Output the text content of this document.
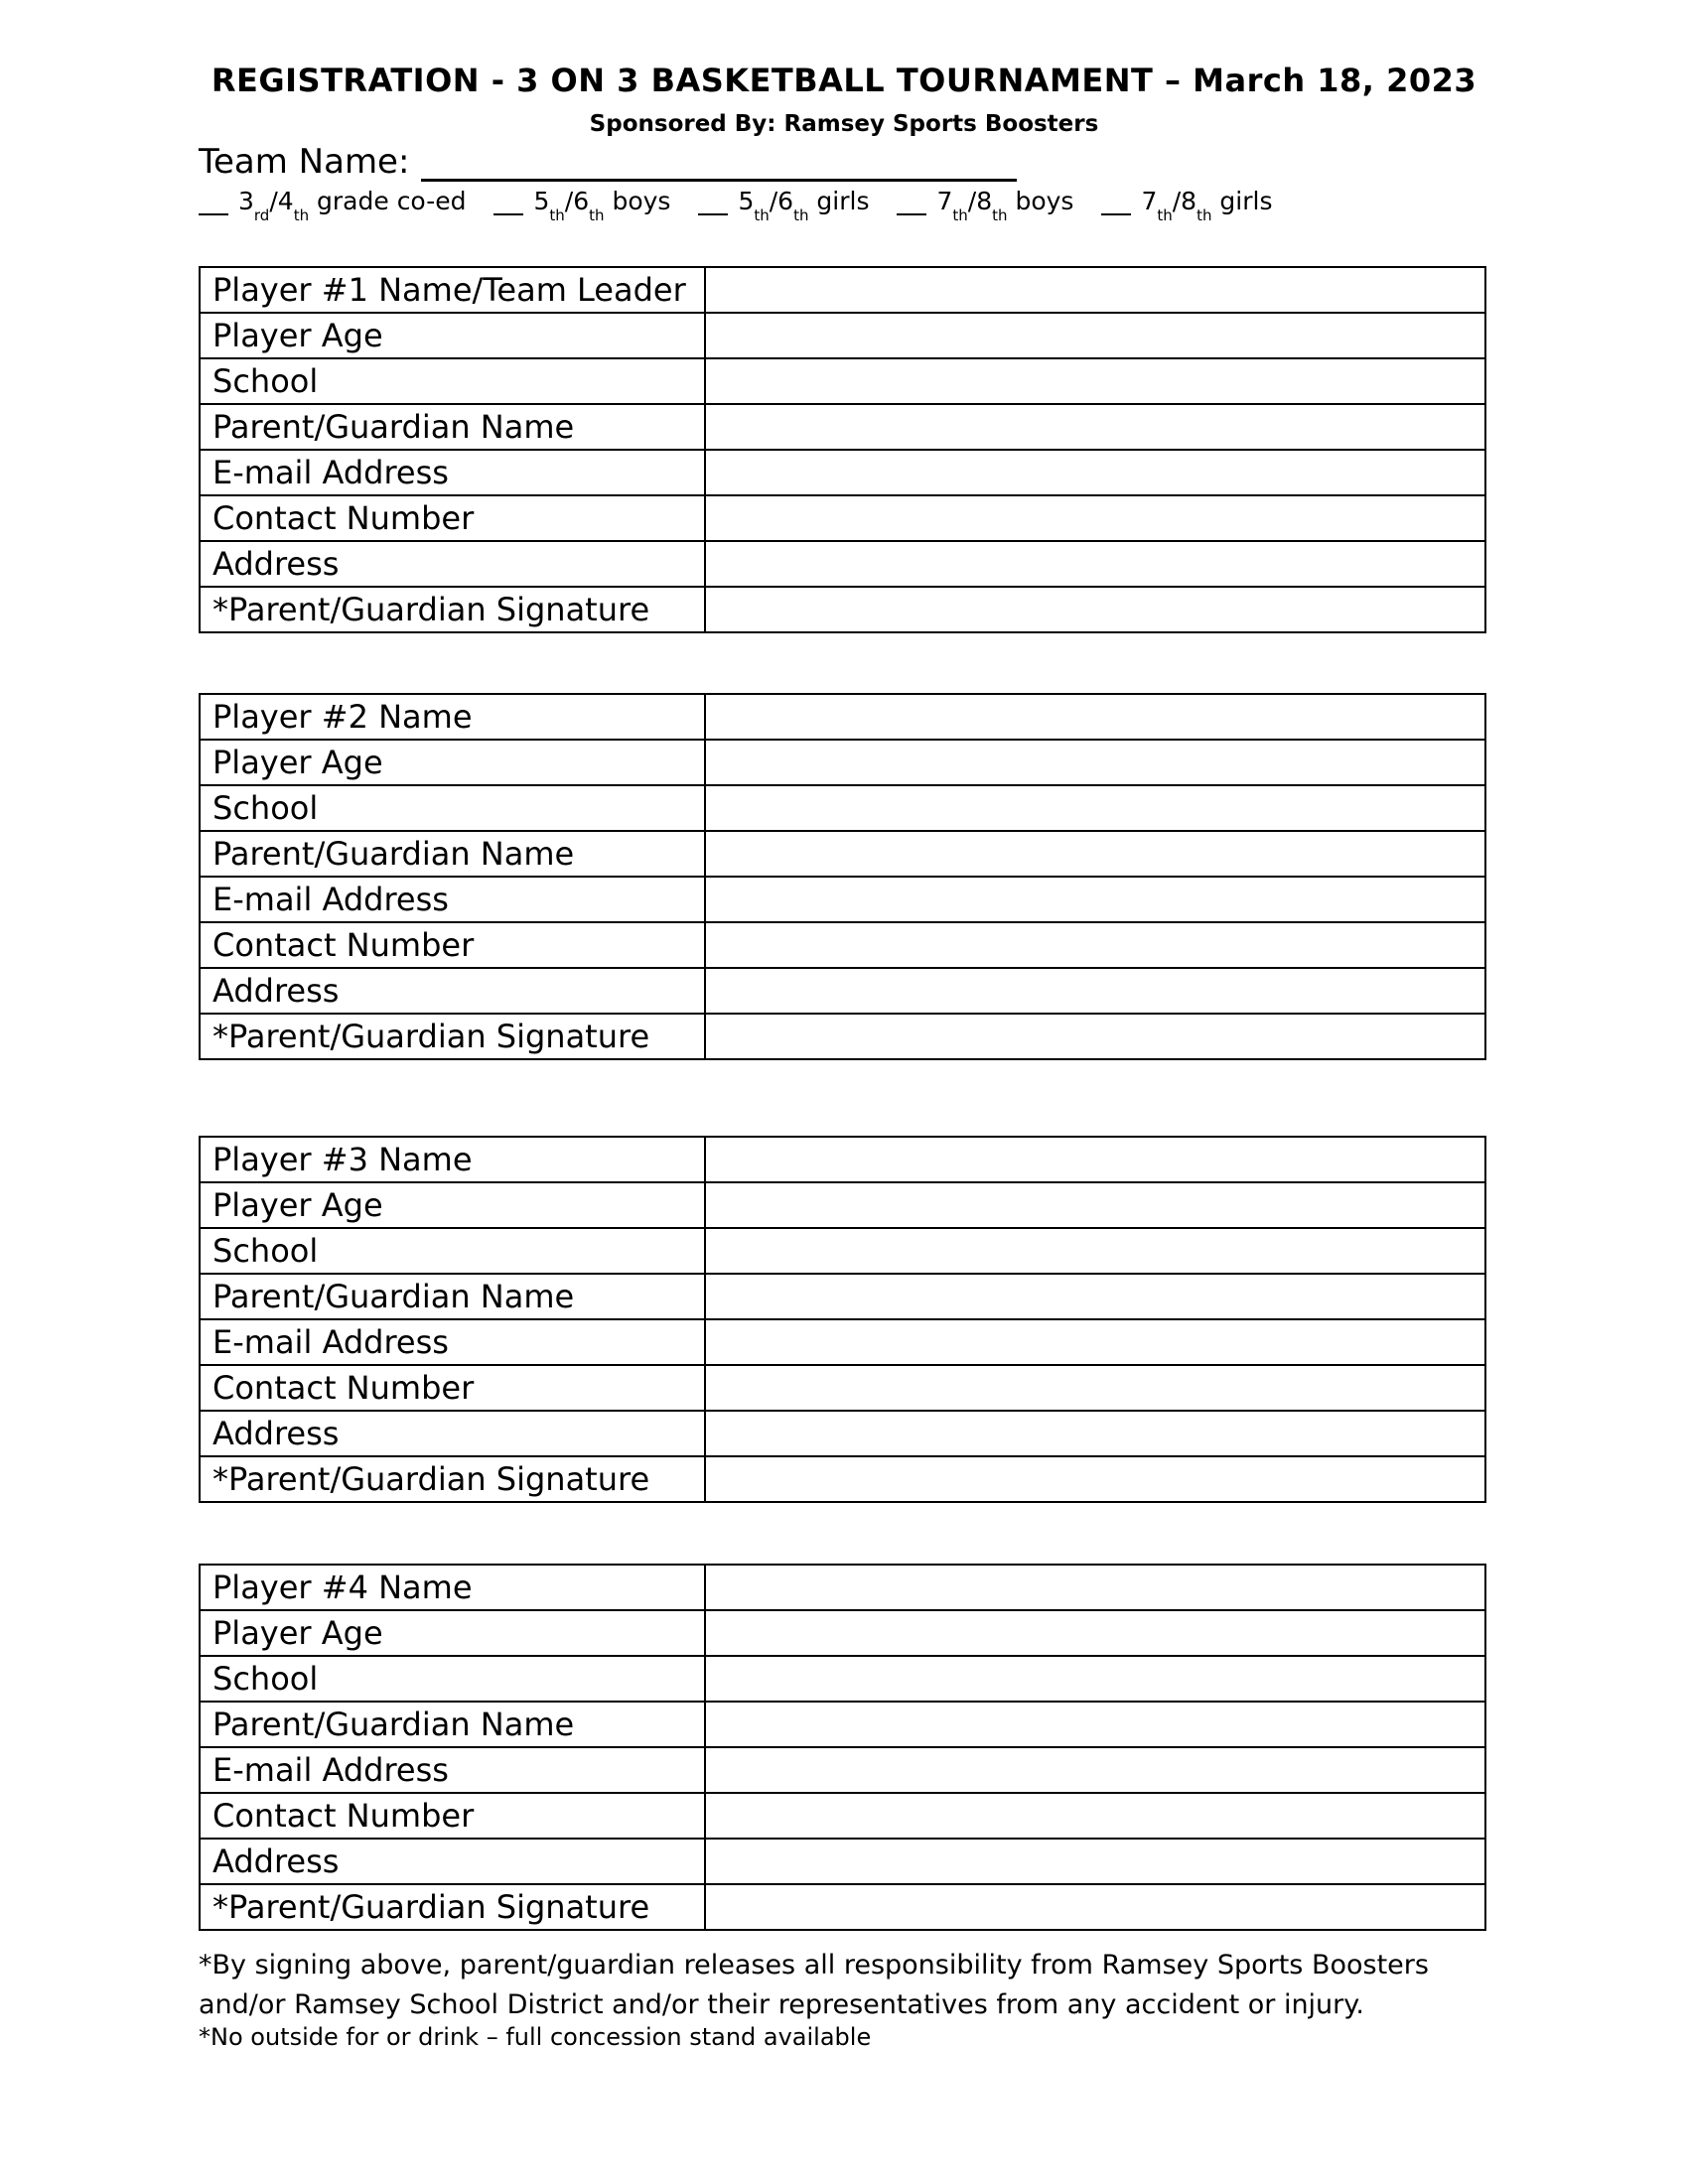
REGISTRATION - 3 ON 3 BASKETBALL TOURNAMENT – March 18, 2023
Sponsored By: Ramsey Sports Boosters
Team Name:
3 rd /4 th grade co-ed	5 th /6 th boys	5 th /6 th girls	7 th /8 th boys	7 th /8 th girls
Player #1 Name/Team Leader	
Player Age	
School	
Parent/Guardian Name	
E-mail Address	
Contact Number	
Address	
*Parent/Guardian Signature	
Player #2 Name	
Player Age	
School	
Parent/Guardian Name	
E-mail Address	
Contact Number	
Address	
*Parent/Guardian Signature	
Player #3 Name	
Player Age	
School	
Parent/Guardian Name	
E-mail Address	
Contact Number	
Address	
*Parent/Guardian Signature	
Player #4 Name	
Player Age	
School	
Parent/Guardian Name	
E-mail Address	
Contact Number	
Address	
*Parent/Guardian Signature	
*By signing above, parent/guardian releases all responsibility from Ramsey Sports Boosters and/or Ramsey School District and/or their representatives from any accident or injury.
*No outside for or drink – full concession stand available
